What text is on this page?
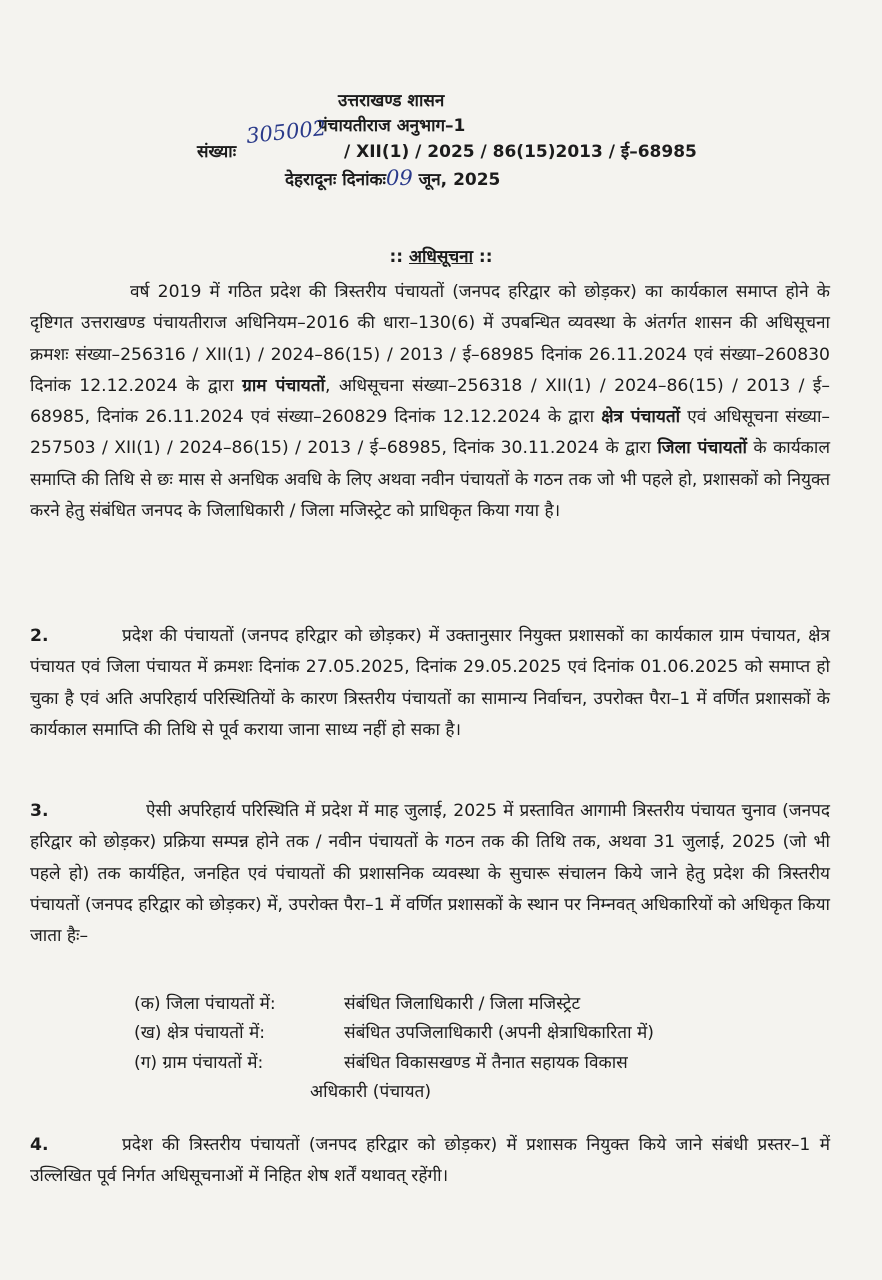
उत्तराखण्ड शासन
पंचायतीराज अनुभाग–1
305002
संख्याः	/ XII(1) / 2025 / 86(15)2013 / ई–68985
देहरादूनः दिनांकः09 जून, 2025
:: अधिसूचना ::

वर्ष 2019 में गठित प्रदेश की त्रिस्तरीय पंचायतों (जनपद हरिद्वार को छोड़कर) का कार्यकाल समाप्त होने के दृष्टिगत उत्तराखण्ड पंचायतीराज अधिनियम–2016 की धारा–130(6) में उपबन्धित व्यवस्था के अंतर्गत शासन की अधिसूचना क्रमशः संख्या–256316 / XII(1) / 2024–86(15) / 2013 / ई–68985 दिनांक 26.11.2024 एवं संख्या–260830 दिनांक 12.12.2024 के द्वारा ग्राम पंचायतों, अधिसूचना संख्या–256318 / XII(1) / 2024–86(15) / 2013 / ई–68985, दिनांक 26.11.2024 एवं संख्या–260829 दिनांक 12.12.2024 के द्वारा क्षेत्र पंचायतों एवं अधिसूचना संख्या–257503 / XII(1) / 2024–86(15) / 2013 / ई–68985, दिनांक 30.11.2024 के द्वारा जिला पंचायतों के कार्यकाल समाप्ति की तिथि से छः मास से अनधिक अवधि के लिए अथवा नवीन पंचायतों के गठन तक जो भी पहले हो, प्रशासकों को नियुक्त करने हेतु संबंधित जनपद के जिलाधिकारी / जिला मजिस्ट्रेट को प्राधिकृत किया गया है।

2.	प्रदेश की पंचायतों (जनपद हरिद्वार को छोड़कर) में उक्तानुसार नियुक्त प्रशासकों का कार्यकाल ग्राम पंचायत, क्षेत्र पंचायत एवं जिला पंचायत में क्रमशः दिनांक 27.05.2025, दिनांक 29.05.2025 एवं दिनांक 01.06.2025 को समाप्त हो चुका है एवं अति अपरिहार्य परिस्थितियों के कारण त्रिस्तरीय पंचायतों का सामान्य निर्वाचन, उपरोक्त पैरा–1 में वर्णित प्रशासकों के कार्यकाल समाप्ति की तिथि से पूर्व कराया जाना साध्य नहीं हो सका है।

3.	ऐसी अपरिहार्य परिस्थिति में प्रदेश में माह जुलाई, 2025 में प्रस्तावित आगामी त्रिस्तरीय पंचायत चुनाव (जनपद हरिद्वार को छोड़कर) प्रक्रिया सम्पन्न होने तक / नवीन पंचायतों के गठन तक की तिथि तक, अथवा 31 जुलाई, 2025 (जो भी पहले हो) तक कार्यहित, जनहित एवं पंचायतों की प्रशासनिक व्यवस्था के सुचारू संचालन किये जाने हेतु प्रदेश की त्रिस्तरीय पंचायतों (जनपद हरिद्वार को छोड़कर) में, उपरोक्त पैरा–1 में वर्णित प्रशासकों के स्थान पर निम्नवत् अधिकारियों को अधिकृत किया जाता हैः–

(क) जिला पंचायतों में:	संबंधित जिलाधिकारी / जिला मजिस्ट्रेट
(ख) क्षेत्र पंचायतों में:	संबंधित उपजिलाधिकारी (अपनी क्षेत्राधिकारिता में)
(ग) ग्राम पंचायतों में:	संबंधित विकासखण्ड में तैनात सहायक विकास
अधिकारी (पंचायत)

4.	प्रदेश की त्रिस्तरीय पंचायतों (जनपद हरिद्वार को छोड़कर) में प्रशासक नियुक्त किये जाने संबंधी प्रस्तर–1 में उल्लिखित पूर्व निर्गत अधिसूचनाओं में निहित शेष शर्तें यथावत् रहेंगी।
